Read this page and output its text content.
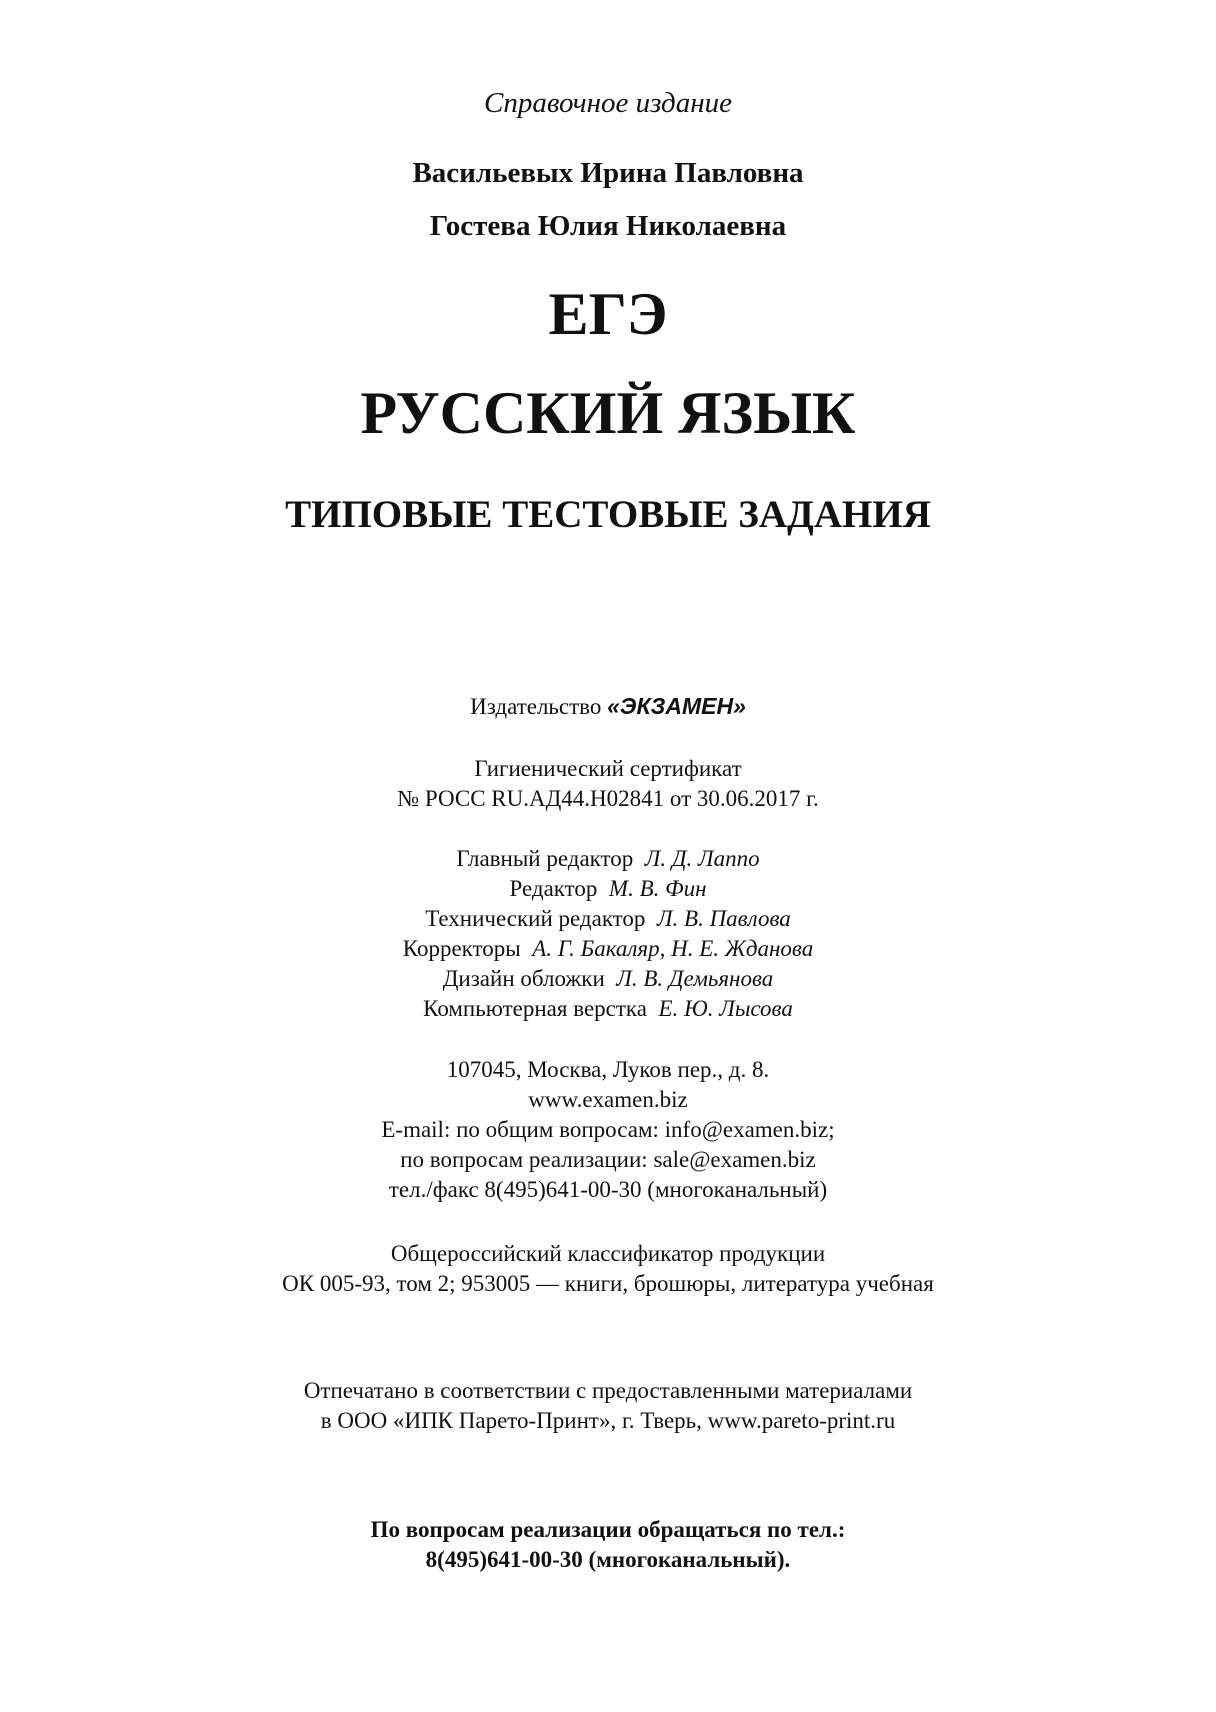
Справочное издание
Васильевых Ирина Павловна
Гостева Юлия Николаевна
ЕГЭ
РУССКИЙ ЯЗЫК
ТИПОВЫЕ ТЕСТОВЫЕ ЗАДАНИЯ
Издательство «ЭКЗАМЕН»
Гигиенический сертификат
№ РОСС RU.АД44.Н02841 от 30.06.2017 г.
Главный редактор Л. Д. Лаппо
Редактор М. В. Фин
Технический редактор Л. В. Павлова
Корректоры А. Г. Бакаляр, Н. Е. Жданова
Дизайн обложки Л. В. Демьянова
Компьютерная верстка Е. Ю. Лысова
107045, Москва, Луков пер., д. 8.
www.examen.biz
E-mail: по общим вопросам: info@examen.biz;
по вопросам реализации: sale@examen.biz
тел./факс 8(495)641-00-30 (многоканальный)
Общероссийский классификатор продукции
ОК 005-93, том 2; 953005 — книги, брошюры, литература учебная
Отпечатано в соответствии с предоставленными материалами
в ООО «ИПК Парето-Принт», г. Тверь, www.pareto-print.ru
По вопросам реализации обращаться по тел.:
8(495)641-00-30 (многоканальный).
